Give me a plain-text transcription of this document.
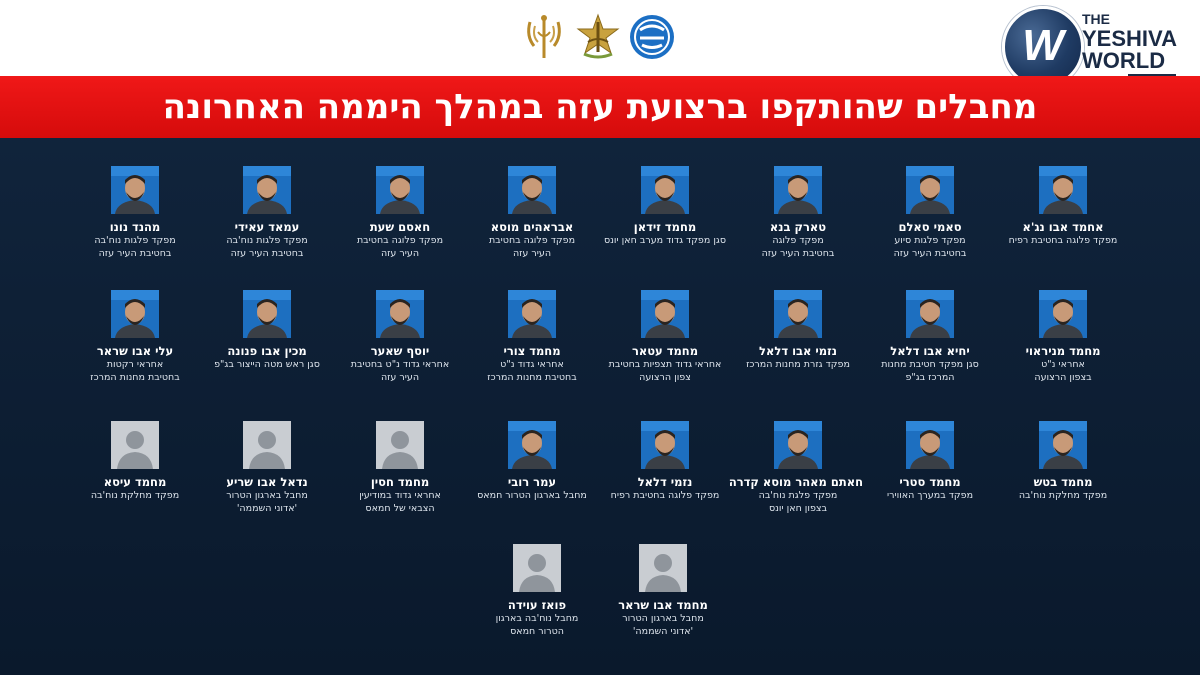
W
THE
YESHIVA
WORLD
מחבלים שהותקפו ברצועת עזה במהלך היממה האחרונה
אחמד אבו נג'א
מפקד פלוגה בחטיבת רפיח
סאמי סאלם
מפקד פלגות סיוע
בחטיבת העיר עזה
טארק בנא
מפקד פלוגה
בחטיבת העיר עזה
מחמד זידאן
סגן מפקד גדוד מערב חאן יונס
אבראהים מוסא
מפקד פלוגה בחטיבת
העיר עזה
חאסם שעת
מפקד פלוגה בחטיבת
העיר עזה
עמאד עאידי
מפקד פלגות נוח'בה
בחטיבת העיר עזה
מהנד נונו
מפקד פלגות נוח'בה
בחטיבת העיר עזה
מחמד מניראוי
אחראי נ"ט
בצפון הרצועה
יחיא אבו דלאל
סגן מפקד חטיבת מחנות
המרכז בג"פ
נזמי אבו דלאל
מפקד גזרת מחנות המרכז
מחמד עטאר
אחראי גדוד תצפיות בחטיבת
צפון הרצועה
מחמד צורי
אחראי גדוד נ"ט
בחטיבת מחנות המרכז
יוסף שאער
אחראי גדוד נ"ט בחטיבת
העיר עזה
מכין אבו פנונה
סגן ראש מטה הייצור בג"פ
עלי אבו שראר
אחראי רקטות
בחטיבת מחנות המרכז
מחמד בטש
מפקד מחלקת נוח'בה
מחמד סטרי
מפקד במערך האווירי
חאתם מאהר מוסא קדרה
מפקד פלגת נוח'בה
בצפון חאן יונס
נזמי דלאל
מפקד פלוגה בחטיבת רפיח
עמר רובי
מחבל בארגון הטרור חמאס
מחמד חסין
אחראי גדוד במודיעין
הצבאי של חמאס
נדאל אבו שריע
מחבל בארגון הטרור
'אדוני השממה'
מחמד עיסא
מפקד מחלקת נוח'בה
מחמד אבו שראר
מחבל בארגון הטרור
'אדוני השממה'
פואז עוידה
מחבל נוח'בה בארגון
הטרור חמאס
